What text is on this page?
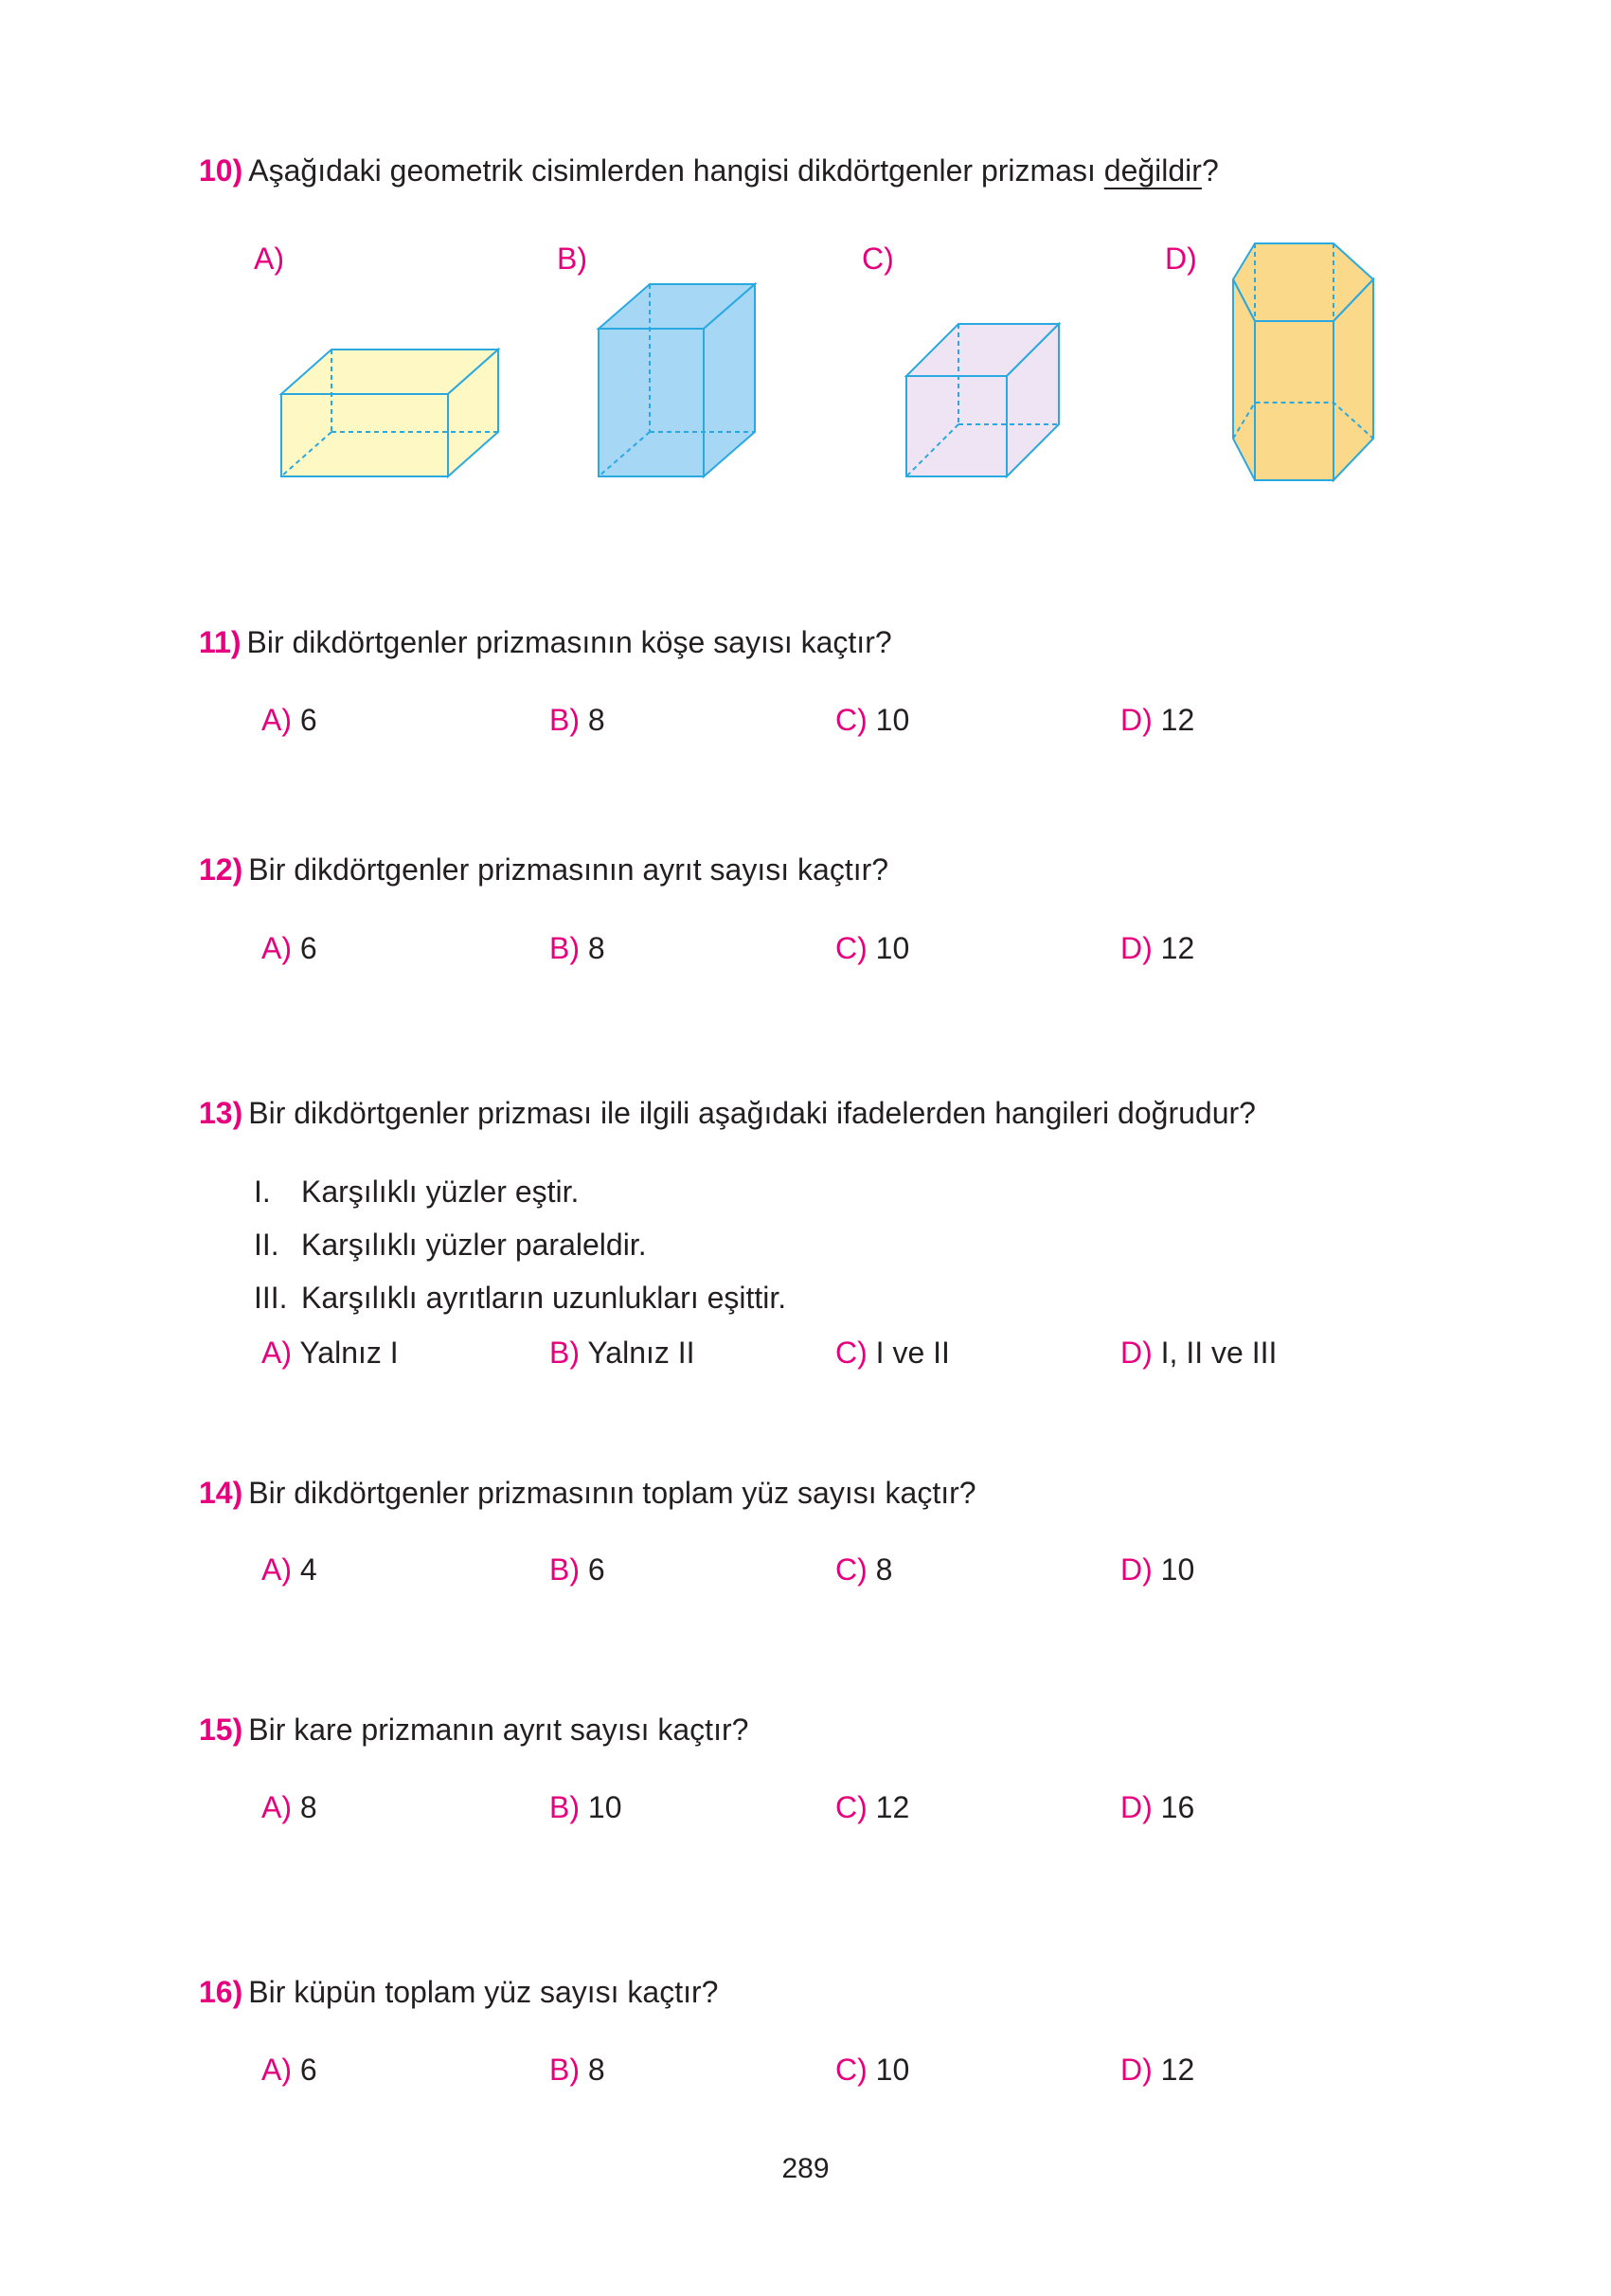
10) Aşağıdaki geometrik cisimlerden hangisi dikdörtgenler prizması değildir?
A)	B)	C)	D)
11) Bir dikdörtgenler prizmasının köşe sayısı kaçtır?
A) 6	B) 8	C) 10	D) 12
12) Bir dikdörtgenler prizmasının ayrıt sayısı kaçtır?
A) 6	B) 8	C) 10	D) 12
13) Bir dikdörtgenler prizması ile ilgili aşağıdaki ifadelerden hangileri doğrudur?
I. Karşılıklı yüzler eştir.
II. Karşılıklı yüzler paraleldir.
III. Karşılıklı ayrıtların uzunlukları eşittir.
A) Yalnız I	B) Yalnız II	C) I ve II	D) I, II ve III
14) Bir dikdörtgenler prizmasının toplam yüz sayısı kaçtır?
A) 4	B) 6	C) 8	D) 10
15) Bir kare prizmanın ayrıt sayısı kaçtır?
A) 8	B) 10	C) 12	D) 16
16) Bir küpün toplam yüz sayısı kaçtır?
A) 6	B) 8	C) 10	D) 12
289
